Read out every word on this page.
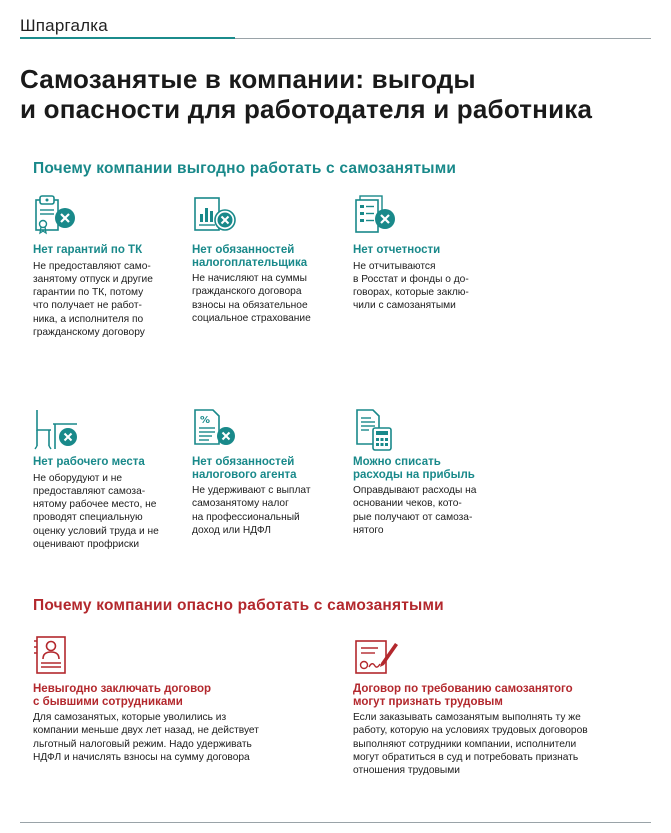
Шпаргалка
Самозанятые в компании: выгоды
и опасности для работодателя и работника
Почему компании выгодно работать с самозанятыми
Нет гарантий по ТК
Не предоставляют само-
занятому отпуск и другие
гарантии по ТК, потому
что получает не работ-
ника, а исполнителя по
гражданскому договору
Нет обязанностей
налогоплательщика
Не начисляют на суммы
гражданского договора
взносы на обязательное
социальное страхование
Нет отчетности
Не отчитываются
в Росстат и фонды о до-
говорах, которые заклю-
чили с самозанятыми
Нет рабочего места
Не оборудуют и не
предоставляют самоза-
нятому рабочее место, не
проводят специальную
оценку условий труда и не
оценивают профриски
%
Нет обязанностей
налогового агента
Не удерживают с выплат
самозанятому налог
на профессиональный
доход или НДФЛ
Можно списать
расходы на прибыль
Оправдывают расходы на
основании чеков, кото-
рые получают от самоза-
нятого
Почему компании опасно работать с самозанятыми
Невыгодно заключать договор
с бывшими сотрудниками
Для самозанятых, которые уволились из
компании меньше двух лет назад, не действует
льготный налоговый режим. Надо удерживать
НДФЛ и начислять взносы на сумму договора
Договор по требованию самозанятого
могут признать трудовым
Если заказывать самозанятым выполнять ту же
работу, которую на условиях трудовых договоров
выполняют сотрудники компании, исполнители
могут обратиться в суд и потребовать признать
отношения трудовыми
